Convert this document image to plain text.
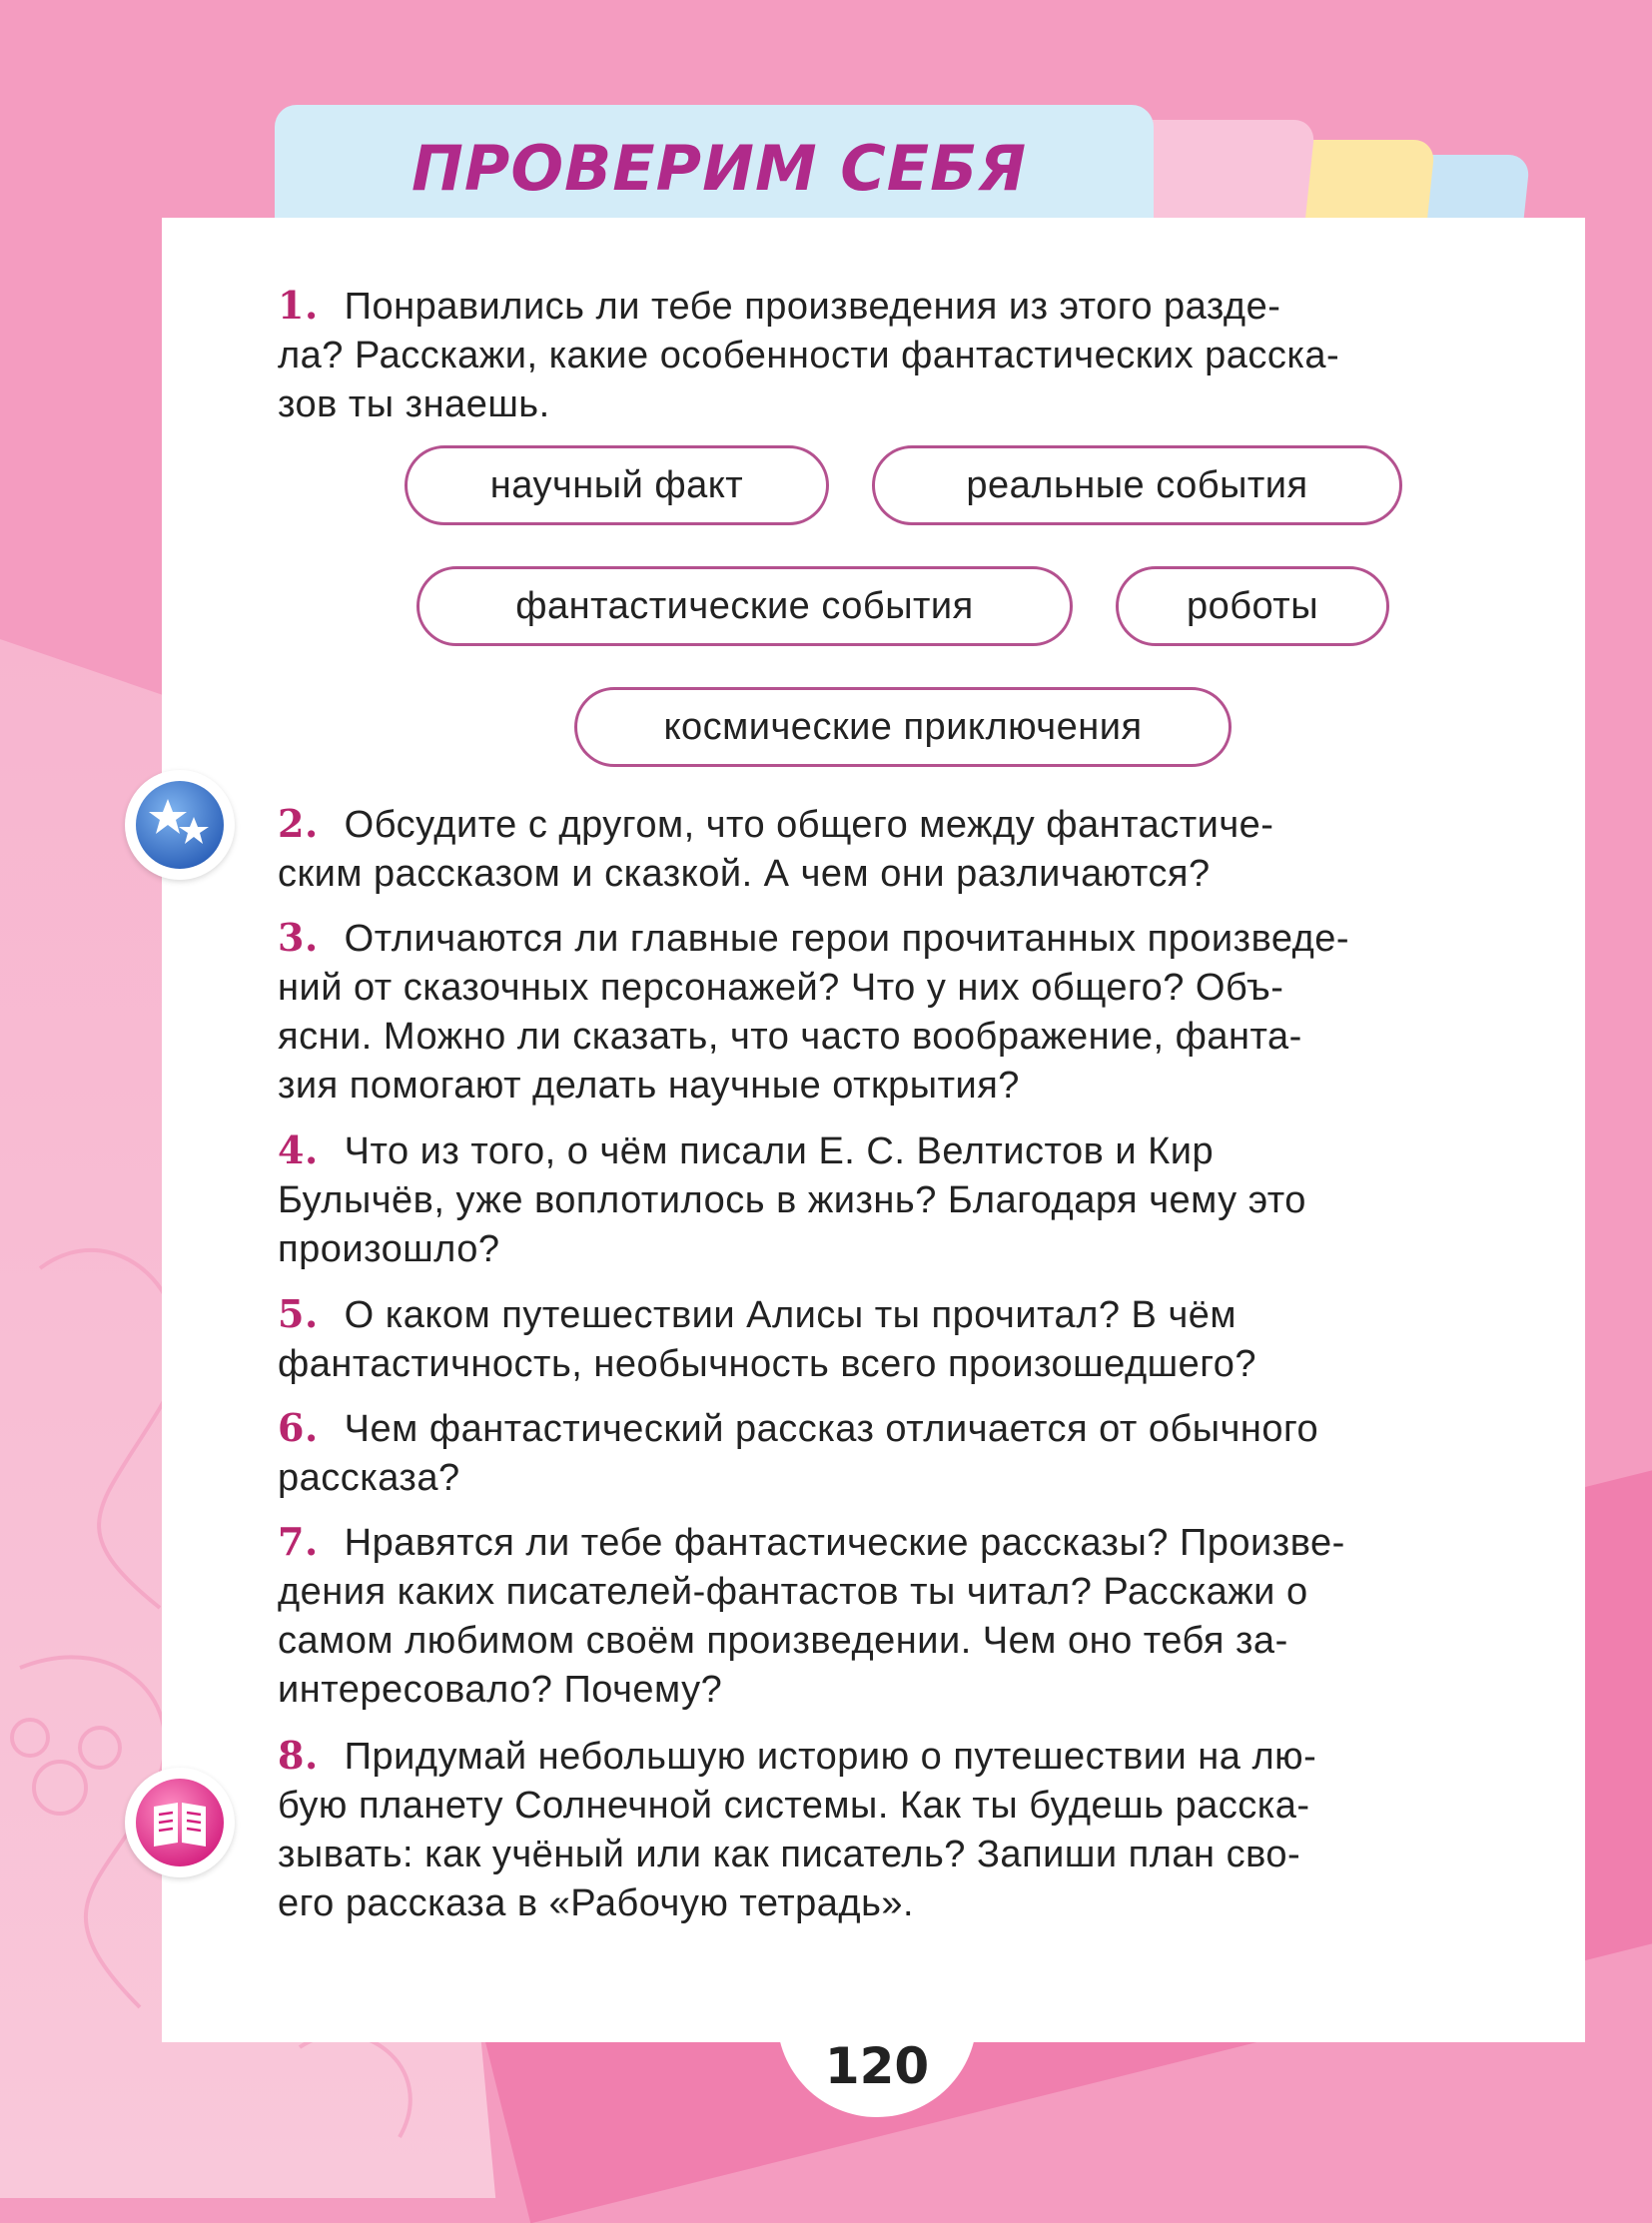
ПРОВЕРИМ СЕБЯ
1. Понравились ли тебе произведения из этого разде-
ла? Расскажи, какие особенности фантастических расска-
зов ты знаешь.
научный факт	реальные события
фантастические события	роботы
космические приключения
2. Обсудите с другом, что общего между фантастиче-
ским рассказом и сказкой. А чем они различаются?
3. Отличаются ли главные герои прочитанных произведе-
ний от сказочных персонажей? Что у них общего? Объ-
ясни. Можно ли сказать, что часто воображение, фанта-
зия помогают делать научные открытия?
4. Что из того, о чём писали Е. С. Велтистов и Кир
Булычёв, уже воплотилось в жизнь? Благодаря чему это
произошло?
5. О каком путешествии Алисы ты прочитал? В чём
фантастичность, необычность всего произошедшего?
6. Чем фантастический рассказ отличается от обычного
рассказа?
7. Нравятся ли тебе фантастические рассказы? Произве-
дения каких писателей-фантастов ты читал? Расскажи о
самом любимом своём произведении. Чем оно тебя за-
интересовало? Почему?
8. Придумай небольшую историю о путешествии на лю-
бую планету Солнечной системы. Как ты будешь расска-
зывать: как учёный или как писатель? Запиши план сво-
его рассказа в «Рабочую тетрадь».
120
